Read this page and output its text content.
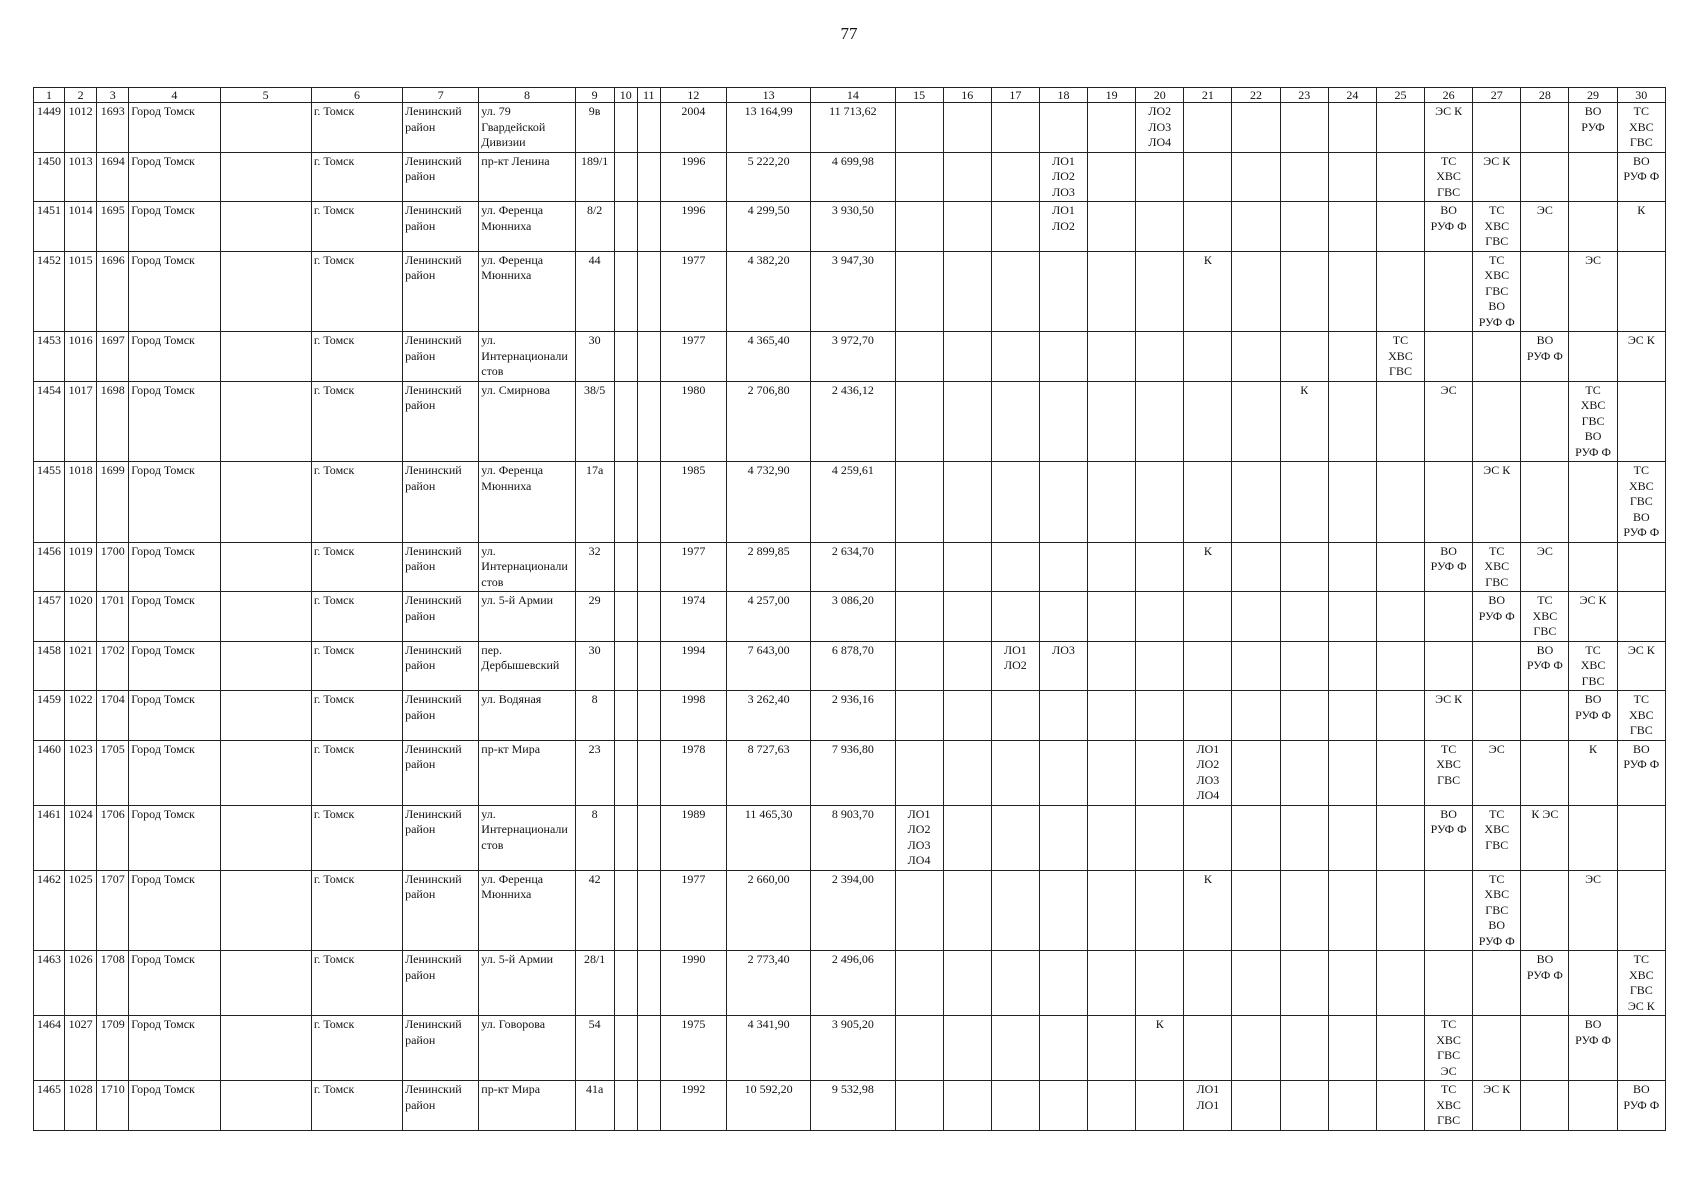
77
1	2	3	4	5	6	7	8	9	10	11	12	13	14	15	16	17	18	19	20	21	22	23	24	25	26	27	28	29	30
1449	1012	1693	Город Томск		г. Томск	Ленинский район	ул. 79 Гвардейской Дивизии	9в			2004	13 164,99	11 713,62						ЛО2
ЛО3
ЛО4						ЭС К			ВО
РУФ	ТС
ХВС
ГВС
1450	1013	1694	Город Томск		г. Томск	Ленинский район	пр-кт Ленина	189/1			1996	5 222,20	4 699,98				ЛО1
ЛО2
ЛО3								ТС
ХВС
ГВС	ЭС К			ВО
РУФ Ф
1451	1014	1695	Город Томск		г. Томск	Ленинский район	ул. Ференца Мюнниха	8/2			1996	4 299,50	3 930,50				ЛО1
ЛО2								ВО
РУФ Ф	ТС
ХВС
ГВС	ЭС		К
1452	1015	1696	Город Томск		г. Томск	Ленинский район	ул. Ференца Мюнниха	44			1977	4 382,20	3 947,30							К						ТС
ХВС
ГВС
ВО
РУФ Ф		ЭС	
1453	1016	1697	Город Томск		г. Томск	Ленинский район	ул. Интернационалистов	30			1977	4 365,40	3 972,70											ТС
ХВС
ГВС			ВО
РУФ Ф		ЭС К
1454	1017	1698	Город Томск		г. Томск	Ленинский район	ул. Смирнова	38/5			1980	2 706,80	2 436,12									К			ЭС			ТС
ХВС
ГВС
ВО
РУФ Ф	
1455	1018	1699	Город Томск		г. Томск	Ленинский район	ул. Ференца Мюнниха	17а			1985	4 732,90	4 259,61													ЭС К			ТС
ХВС
ГВС
ВО
РУФ Ф
1456	1019	1700	Город Томск		г. Томск	Ленинский район	ул. Интернационалистов	32			1977	2 899,85	2 634,70							К					ВО
РУФ Ф	ТС
ХВС
ГВС	ЭС		
1457	1020	1701	Город Томск		г. Томск	Ленинский район	ул. 5-й Армии	29			1974	4 257,00	3 086,20													ВО
РУФ Ф	ТС
ХВС
ГВС	ЭС К	
1458	1021	1702	Город Томск		г. Томск	Ленинский район	пер. Дербышевский	30			1994	7 643,00	6 878,70			ЛО1
ЛО2	ЛО3										ВО
РУФ Ф	ТС
ХВС
ГВС	ЭС К
1459	1022	1704	Город Томск		г. Томск	Ленинский район	ул. Водяная	8			1998	3 262,40	2 936,16												ЭС К			ВО
РУФ Ф	ТС
ХВС
ГВС
1460	1023	1705	Город Томск		г. Томск	Ленинский район	пр-кт Мира	23			1978	8 727,63	7 936,80							ЛО1
ЛО2
ЛО3
ЛО4					ТС
ХВС
ГВС	ЭС		К	ВО
РУФ Ф
1461	1024	1706	Город Томск		г. Томск	Ленинский район	ул. Интернационалистов	8			1989	11 465,30	8 903,70	ЛО1
ЛО2
ЛО3
ЛО4											ВО
РУФ Ф	ТС
ХВС
ГВС	К ЭС		
1462	1025	1707	Город Томск		г. Томск	Ленинский район	ул. Ференца Мюнниха	42			1977	2 660,00	2 394,00							К						ТС
ХВС
ГВС
ВО
РУФ Ф		ЭС	
1463	1026	1708	Город Томск		г. Томск	Ленинский район	ул. 5-й Армии	28/1			1990	2 773,40	2 496,06														ВО
РУФ Ф		ТС
ХВС
ГВС
ЭС К
1464	1027	1709	Город Томск		г. Томск	Ленинский район	ул. Говорова	54			1975	4 341,90	3 905,20						К						ТС
ХВС
ГВС
ЭС			ВО
РУФ Ф	
1465	1028	1710	Город Томск		г. Томск	Ленинский район	пр-кт Мира	41а			1992	10 592,20	9 532,98							ЛО1
ЛО1					ТС
ХВС
ГВС	ЭС К			ВО
РУФ Ф
